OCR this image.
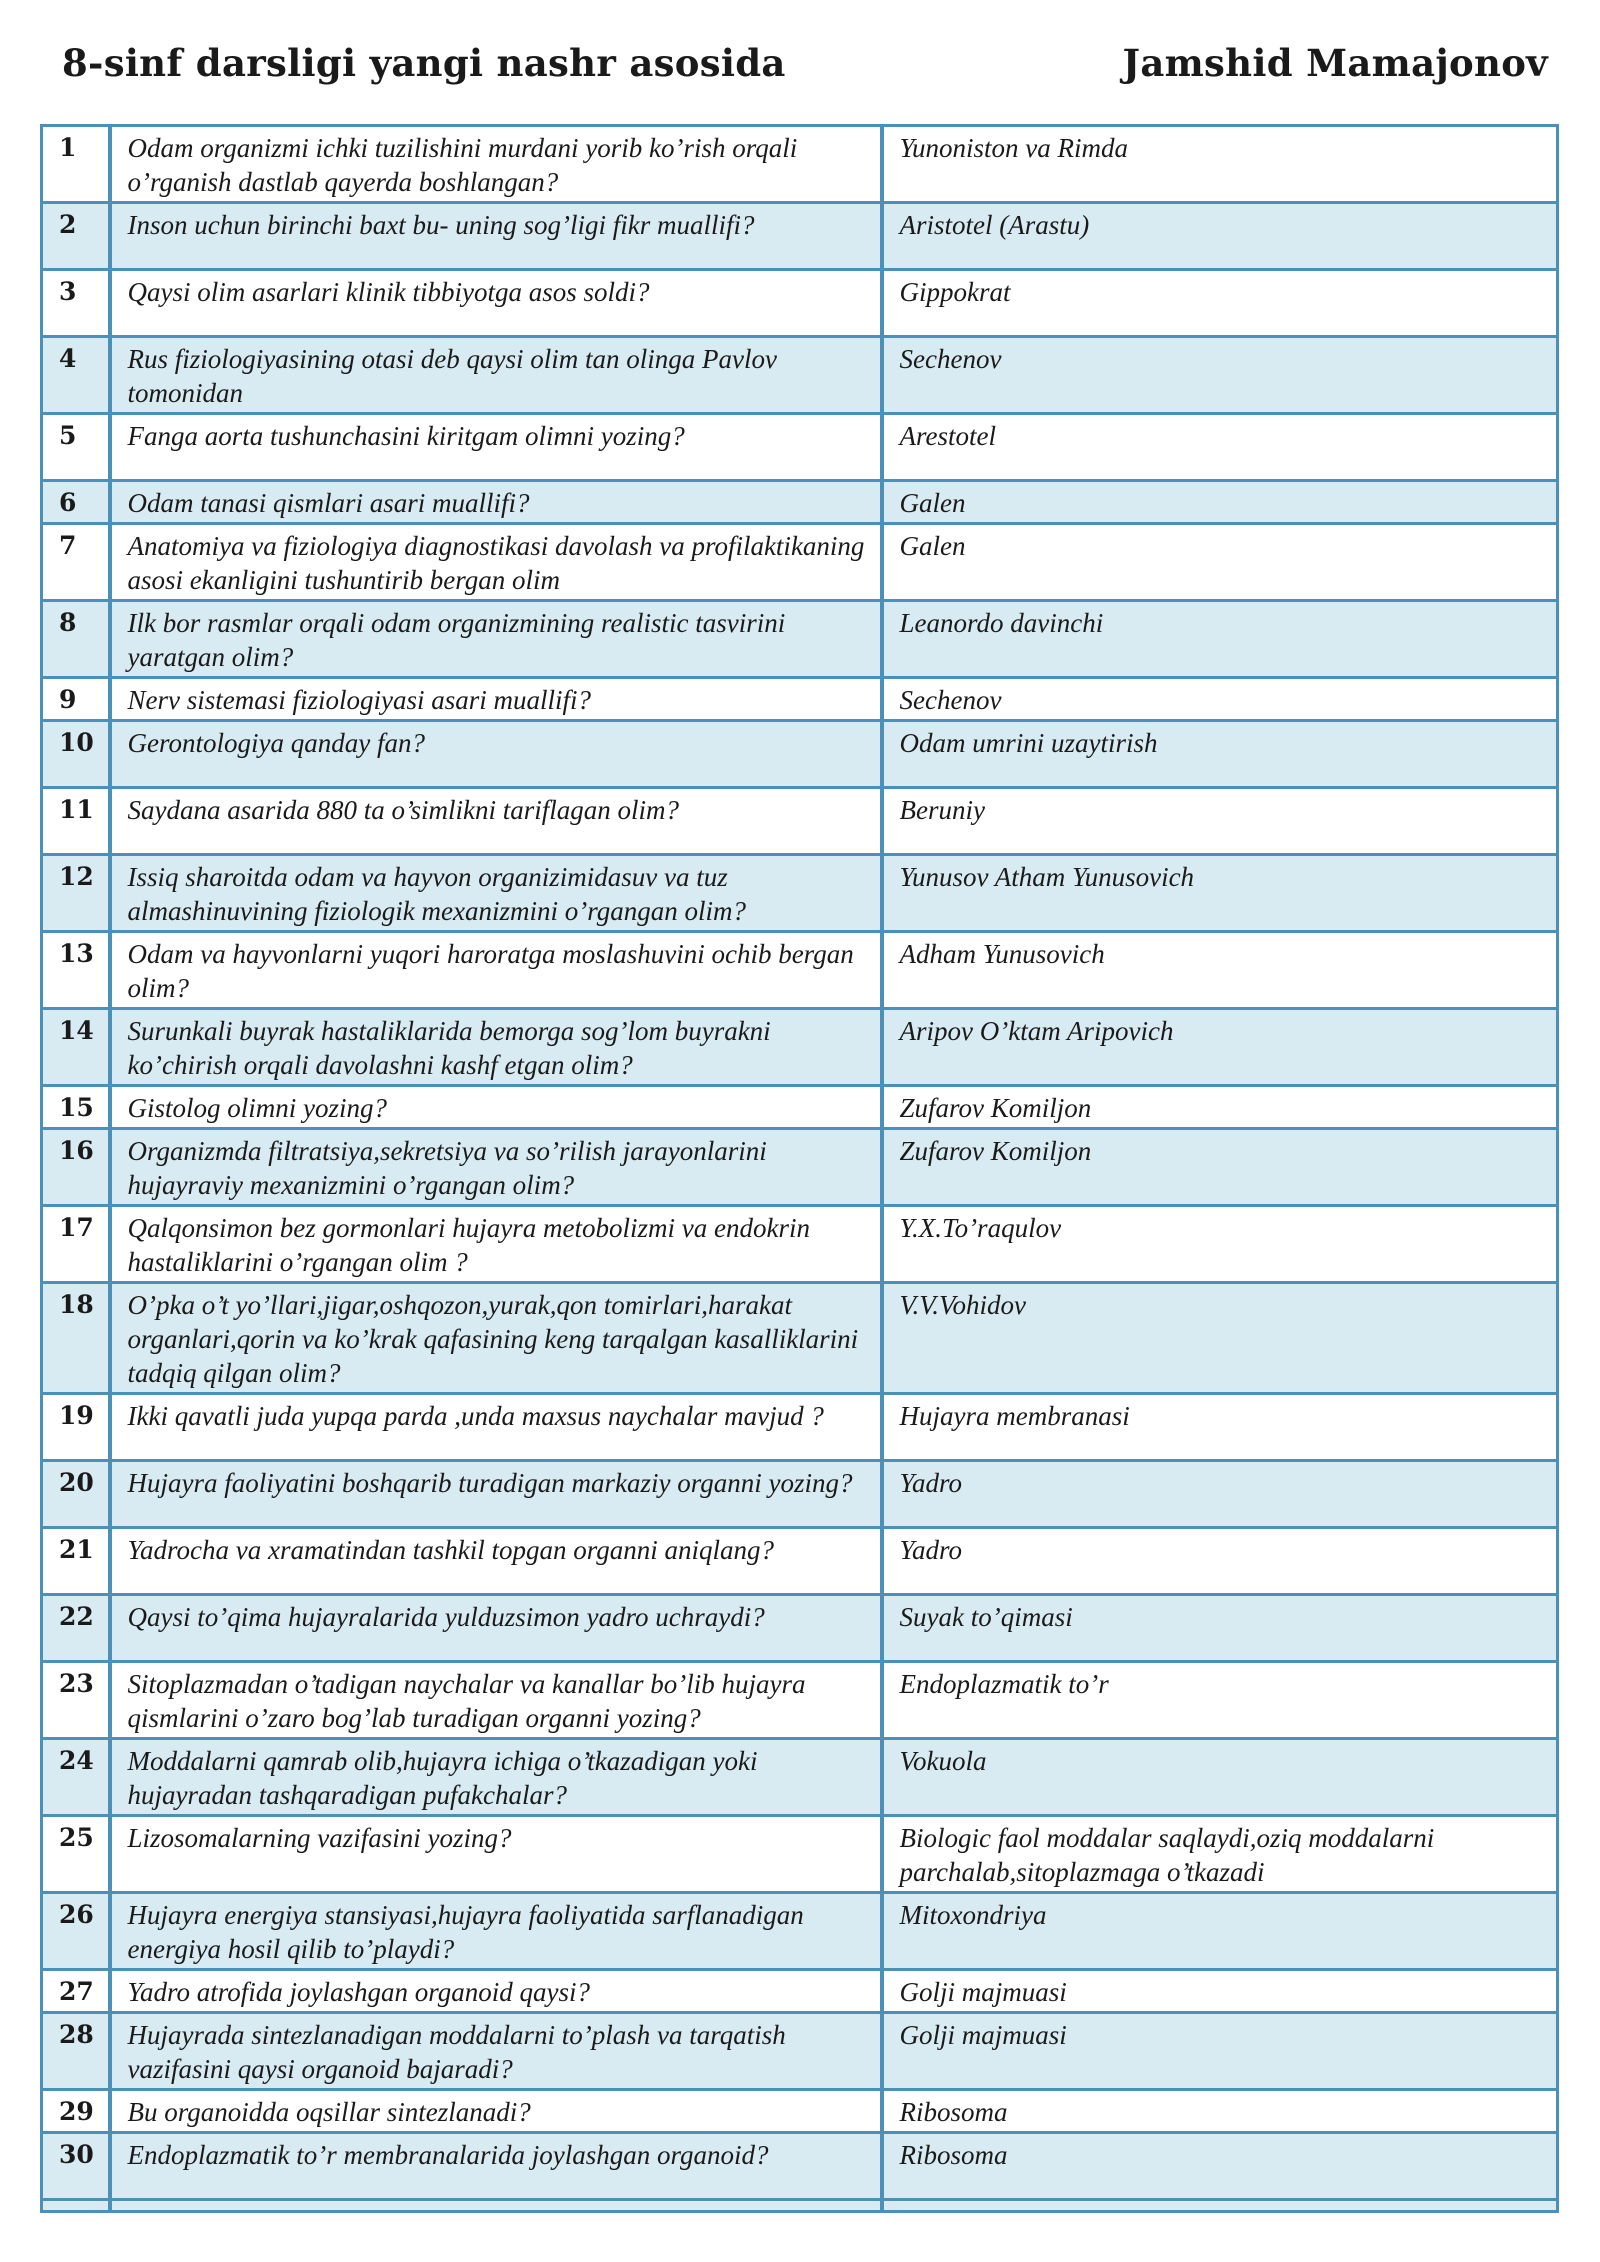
8-sinf darsligi yangi nashr asosida	Jamshid Mamajonov
1	Odam organizmi ichki tuzilishini murdani yorib ko’rish orqali o’rganish dastlab qayerda boshlangan?	Yunoniston va Rimda
2	Inson uchun birinchi baxt bu- uning sog’ligi fikr muallifi?	Aristotel (Arastu)
3	Qaysi olim asarlari klinik tibbiyotga asos soldi?	Gippokrat
4	Rus fiziologiyasining otasi deb qaysi olim tan olinga Pavlov tomonidan	Sechenov
5	Fanga aorta tushunchasini kiritgam olimni yozing?	Arestotel
6	Odam tanasi qismlari asari muallifi?	Galen
7	Anatomiya va fiziologiya diagnostikasi davolash va profilaktikaning asosi ekanligini tushuntirib bergan olim	Galen
8	Ilk bor rasmlar orqali odam organizmining realistic tasvirini yaratgan olim?	Leanordo davinchi
9	Nerv sistemasi fiziologiyasi asari muallifi?	Sechenov
10	Gerontologiya qanday fan?	Odam umrini uzaytirish
11	Saydana asarida 880 ta o’simlikni tariflagan olim?	Beruniy
12	Issiq sharoitda odam va hayvon organizimidasuv va tuz almashinuvining fiziologik mexanizmini o’rgangan olim?	Yunusov Atham Yunusovich
13	Odam va hayvonlarni yuqori haroratga moslashuvini ochib bergan olim?	Adham Yunusovich
14	Surunkali buyrak hastaliklarida bemorga sog’lom buyrakni ko’chirish orqali davolashni kashf etgan olim?	Aripov O’ktam Aripovich
15	Gistolog olimni yozing?	Zufarov Komiljon
16	Organizmda filtratsiya,sekretsiya va so’rilish jarayonlarini hujayraviy mexanizmini o’rgangan olim?	Zufarov Komiljon
17	Qalqonsimon bez gormonlari hujayra metobolizmi va endokrin hastaliklarini o’rgangan olim ?	Y.X.To’raqulov
18	O’pka o’t yo’llari,jigar,oshqozon,yurak,qon tomirlari,harakat organlari,qorin va ko’krak qafasining keng tarqalgan kasalliklarini tadqiq qilgan olim?	V.V.Vohidov
19	Ikki qavatli juda yupqa parda ,unda maxsus naychalar mavjud ?	Hujayra membranasi
20	Hujayra faoliyatini boshqarib turadigan markaziy organni yozing?	Yadro
21	Yadrocha va xramatindan tashkil topgan organni aniqlang?	Yadro
22	Qaysi to’qima hujayralarida yulduzsimon yadro uchraydi?	Suyak to’qimasi
23	Sitoplazmadan o’tadigan naychalar va kanallar bo’lib hujayra qismlarini o’zaro bog’lab turadigan organni yozing?	Endoplazmatik to’r
24	Moddalarni qamrab olib,hujayra ichiga o’tkazadigan yoki hujayradan tashqaradigan pufakchalar?	Vokuola
25	Lizosomalarning vazifasini yozing?	Biologic faol moddalar saqlaydi,oziq moddalarni parchalab,sitoplazmaga o’tkazadi
26	Hujayra energiya stansiyasi,hujayra faoliyatida sarflanadigan energiya hosil qilib to’playdi?	Mitoxondriya
27	Yadro atrofida joylashgan organoid qaysi?	Golji majmuasi
28	Hujayrada sintezlanadigan moddalarni to’plash va tarqatish vazifasini qaysi organoid bajaradi?	Golji majmuasi
29	Bu organoidda oqsillar sintezlanadi?	Ribosoma
30	Endoplazmatik to’r membranalarida joylashgan organoid?	Ribosoma
